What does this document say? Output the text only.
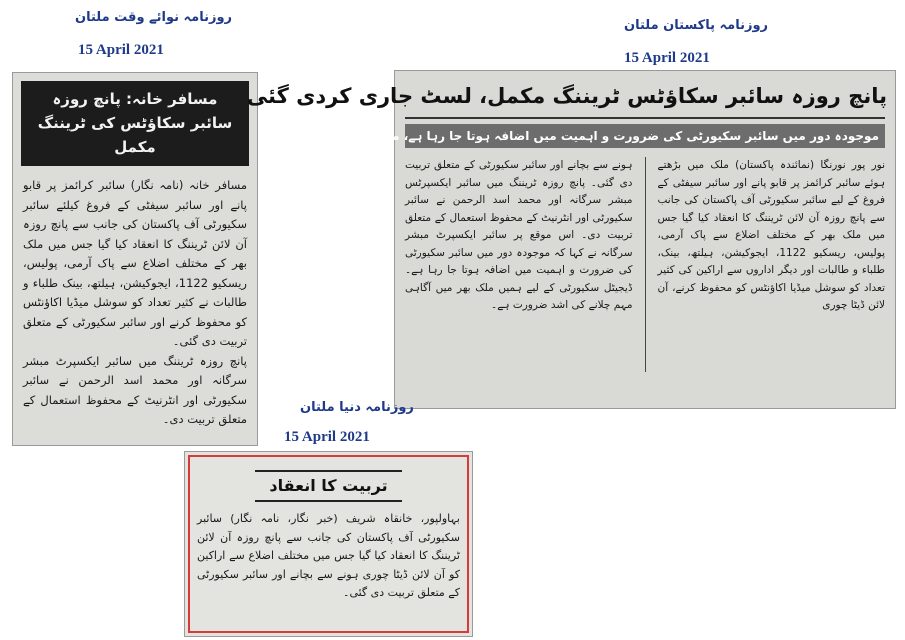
روزنامہ نوائے وقت ملتان
15 April 2021
مسافر خانہ: پانچ روزہ
سائبر سکاؤٹس کی ٹریننگ مکمل

مسافر خانہ (نامہ نگار) سائبر کرائمز پر قابو پانے اور سائبر سیفٹی کے فروغ کیلئے سائبر سکیورٹی آف پاکستان کی جانب سے پانچ روزہ آن لائن ٹریننگ کا انعقاد کیا گیا جس میں ملک بھر کے مختلف اضلاع سے پاک آرمی، پولیس، ریسکیو 1122، ایجوکیشن، ہیلتھ، بینک طلباء و طالبات نے کثیر تعداد کو سوشل میڈیا اکاؤنٹس کو محفوظ کرنے اور سائبر سکیورٹی کے متعلق تربیت دی گئی۔

پانچ روزہ ٹریننگ میں سائبر ایکسپرٹ مبشر سرگانہ اور محمد اسد الرحمن نے سائبر سکیورٹی اور انٹرنیٹ کے محفوظ استعمال کے متعلق تربیت دی۔

روزنامہ پاکستان ملتان
15 April 2021
پانچ روزہ سائبر سکاؤٹس ٹریننگ مکمل، لسٹ جاری کردی گئی
موجودہ دور میں سائبر سکیورٹی کی ضرورت و اہمیت میں اضافہ ہوتا جا رہا ہے، مبشر سرگانہ
نور پور نورنگا (نمائندہ پاکستان) ملک میں بڑھتے ہوئے سائبر کرائمز پر قابو پانے اور سائبر سیفٹی کے فروغ کے لیے سائبر سکیورٹی آف پاکستان کی جانب سے پانچ روزہ آن لائن ٹریننگ کا انعقاد کیا گیا جس میں ملک بھر کے مختلف اضلاع سے پاک آرمی، پولیس، ریسکیو 1122، ایجوکیشن، ہیلتھ، بینک، طلباء و طالبات اور دیگر اداروں سے اراکین کی کثیر تعداد کو سوشل میڈیا اکاؤنٹس کو محفوظ کرنے، آن لائن ڈیٹا چوری
ہونے سے بچانے اور سائبر سکیورٹی کے متعلق تربیت دی گئی۔ پانچ روزہ ٹریننگ میں سائبر ایکسپرٹس مبشر سرگانہ اور محمد اسد الرحمن نے سائبر سکیورٹی اور انٹرنیٹ کے محفوظ استعمال کے متعلق تربیت دی۔ اس موقع پر سائبر ایکسپرٹ مبشر سرگانہ نے کہا کہ موجودہ دور میں سائبر سکیورٹی کی ضرورت و اہمیت میں اضافہ ہوتا جا رہا ہے۔ ڈیجیٹل سکیورٹی کے لیے ہمیں ملک بھر میں آگاہی مہم چلانے کی اشد ضرورت ہے۔
روزنامہ دنیا ملتان
15 April 2021
تربیت کا انعقاد
بہاولپور، خانقاہ شریف (خبر نگار، نامہ نگار) سائبر سکیورٹی آف پاکستان کی جانب سے پانچ روزہ آن لائن ٹریننگ کا انعقاد کیا گیا جس میں مختلف اضلاع سے اراکین کو آن لائن ڈیٹا چوری ہونے سے بچانے اور سائبر سکیورٹی کے متعلق تربیت دی گئی۔
